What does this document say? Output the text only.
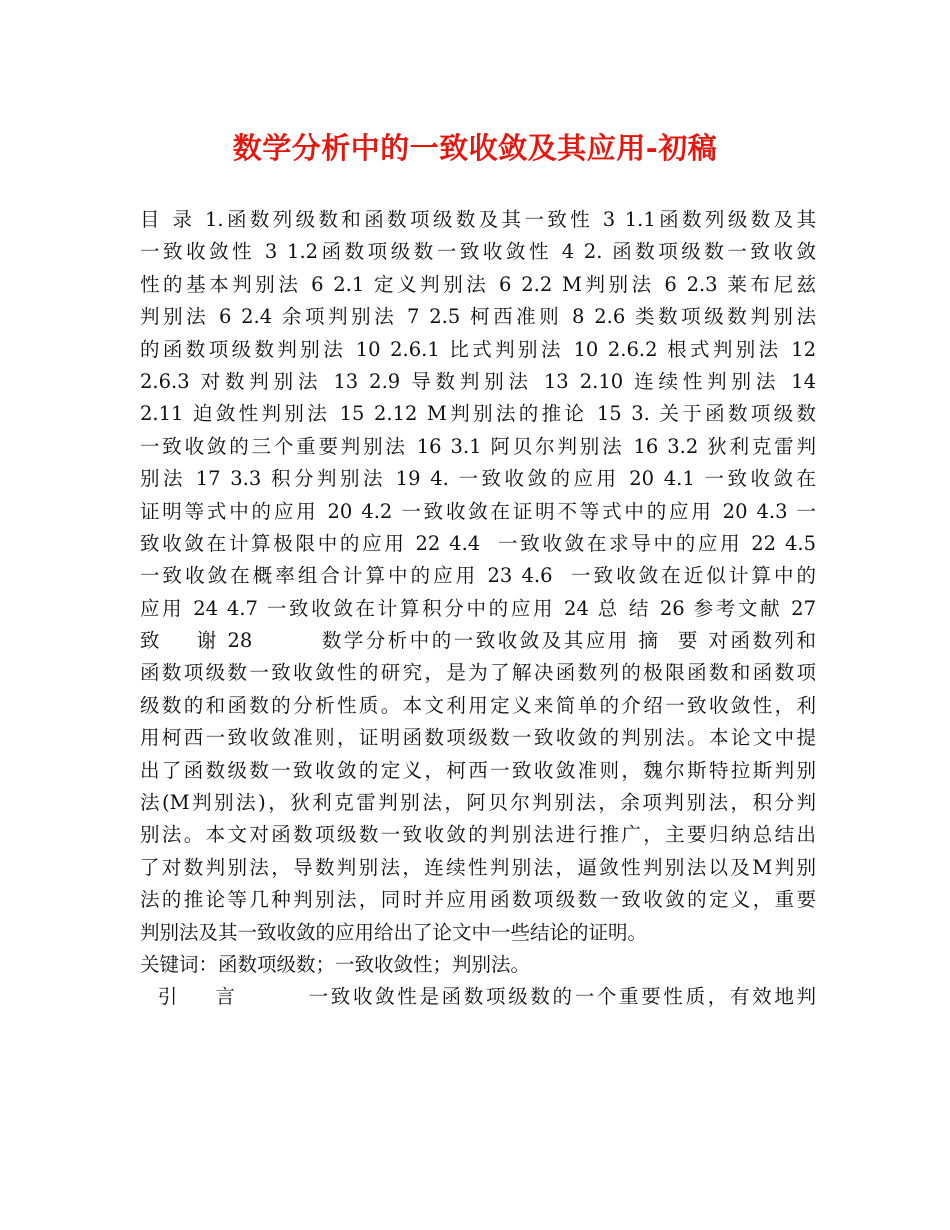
数学分析中的一致收敛及其应用-初稿
目 录 1.函数列级数和函数项级数及其一致性 3 1.1函数列级数及其
一致收敛性 3 1.2函数项级数一致收敛性 4 2. 函数项级数一致收敛
性的基本判别法 6 2.1 定义判别法 6 2.2 M判别法 6 2.3 莱布尼兹
判别法 6 2.4 余项判别法 7 2.5 柯西准则 8 2.6 类数项级数判别法
的函数项级数判别法 10 2.6.1 比式判别法 10 2.6.2 根式判别法 12
2.6.3 对数判别法 13 2.9 导数判别法 13 2.10 连续性判别法 14
2.11 迫敛性判别法 15 2.12 M判别法的推论 15 3. 关于函数项级数
一致收敛的三个重要判别法 16 3.1 阿贝尔判别法 16 3.2 狄利克雷判
别法 17 3.3 积分判别法 19 4. 一致收敛的应用 20 4.1 一致收敛在
证明等式中的应用 20 4.2 一致收敛在证明不等式中的应用 20 4.3 一
致收敛在计算极限中的应用 22 4.4  一致收敛在求导中的应用 22 4.5
一致收敛在概率组合计算中的应用 23 4.6  一致收敛在近似计算中的
应用 24 4.7 一致收敛在计算积分中的应用 24 总 结 26 参考文献 27
致    谢 28        数学分析中的一致收敛及其应用 摘  要 对函数列和
函数项级数一致收敛性的研究，是为了解决函数列的极限函数和函数项
级数的和函数的分析性质。本文利用定义来简单的介绍一致收敛性，利
用柯西一致收敛准则，证明函数项级数一致收敛的判别法。本论文中提
出了函数级数一致收敛的定义，柯西一致收敛准则，魏尔斯特拉斯判别
法(M判别法)，狄利克雷判别法，阿贝尔判别法，余项判别法，积分判
别法。本文对函数项级数一致收敛的判别法进行推广，主要归纳总结出
了对数判别法，导数判别法，连续性判别法，逼敛性判别法以及M判别
法的推论等几种判别法，同时并应用函数项级数一致收敛的定义，重要
判别法及其一致收敛的应用给出了论文中一些结论的证明。
关键词：函数项级数；一致收敛性；判别法。
引    言        一致收敛性是函数项级数的一个重要性质，有效地判
